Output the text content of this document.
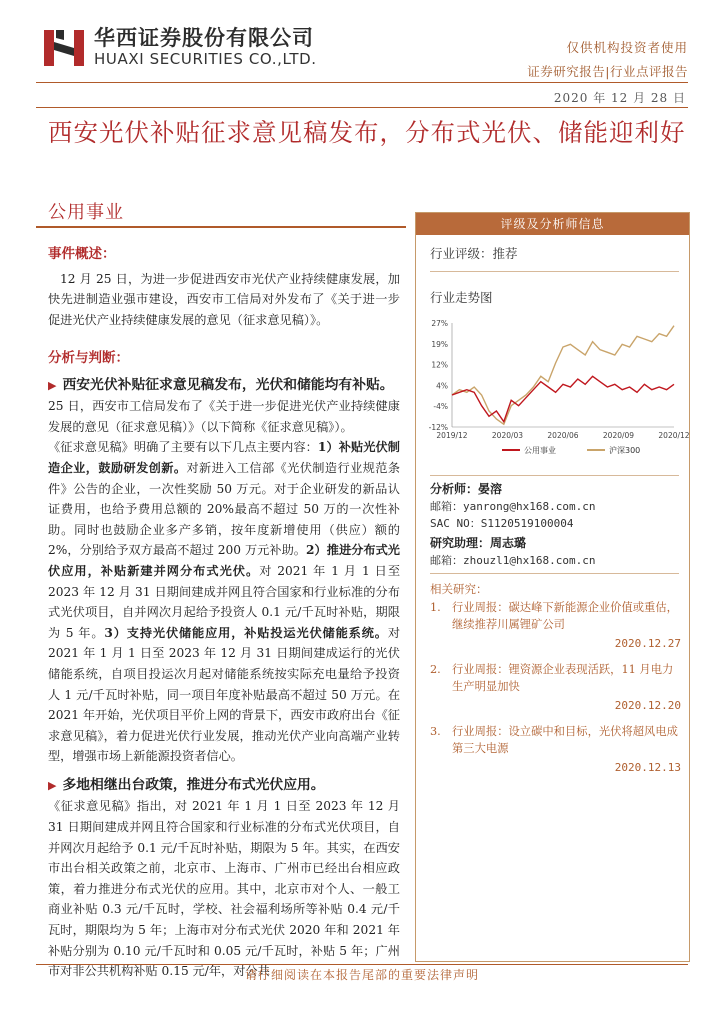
华西证券股份有限公司
HUAXI SECURITIES CO.,LTD.
仅供机构投资者使用
证券研究报告|行业点评报告
2020 年 12 月 28 日
西安光伏补贴征求意见稿发布，分布式光伏、储能迎利好
公用事业
事件概述：
12 月 25 日，为进一步促进西安市光伏产业持续健康发展，加快先进制造业强市建设，西安市工信局对外发布了《关于进一步促进光伏产业持续健康发展的意见（征求意见稿）》。
分析与判断：
▶ 西安光伏补贴征求意见稿发布，光伏和储能均有补贴。
25 日，西安市工信局发布了《关于进一步促进光伏产业持续健康发展的意见（征求意见稿）》（以下简称《征求意见稿》）。
《征求意见稿》明确了主要有以下几点主要内容：1）补贴光伏制造企业，鼓励研发创新。对新进入工信部《光伏制造行业规范条件》公告的企业，一次性奖励 50 万元。对于企业研发的新品认证费用，也给予费用总额的 20%最高不超过 50 万的一次性补助。同时也鼓励企业多产多销，按年度新增使用（供应）额的 2%，分别给予双方最高不超过 200 万元补助。2）推进分布式光伏应用，补贴新建并网分布式光伏。对 2021 年 1 月 1 日至 2023 年 12 月 31 日期间建成并网且符合国家和行业标准的分布式光伏项目，自并网次月起给予投资人 0.1 元/千瓦时补贴，期限为 5 年。3）支持光伏储能应用，补贴投运光伏储能系统。对 2021 年 1 月 1 日至 2023 年 12 月 31 日期间建成运行的光伏储能系统，自项目投运次月起对储能系统按实际充电量给予投资人 1 元/千瓦时补贴，同一项目年度补贴最高不超过 50 万元。在 2021 年开始，光伏项目平价上网的背景下，西安市政府出台《征求意见稿》，着力促进光伏行业发展，推动光伏产业向高端产业转型，增强市场上新能源投资者信心。
▶ 多地相继出台政策，推进分布式光伏应用。
《征求意见稿》指出，对 2021 年 1 月 1 日至 2023 年 12 月 31 日期间建成并网且符合国家和行业标准的分布式光伏项目，自并网次月起给予 0.1 元/千瓦时补贴，期限为 5 年。其实，在西安市出台相关政策之前，北京市、上海市、广州市已经出台相应政策，着力推进分布式光伏的应用。其中，北京市对个人、一般工商业补贴 0.3 元/千瓦时，学校、社会福利场所等补贴 0.4 元/千瓦时，期限均为 5 年；上海市对分布式光伏 2020 年和 2021 年补贴分别为 0.10 元/千瓦时和 0.05 元/千瓦时，补贴 5 年；广州市对非公共机构补贴 0.15 元/年，对公共
评级及分析师信息
行业评级：推荐
行业走势图
27%
19%
12%
4%
-4%
-12%
2019/12	2020/03	2020/06	2020/09	2020/12
公用事业	沪深300
分析师：晏溶
邮箱：yanrong@hx168.com.cn
SAC NO：S1120519100004
研究助理：周志璐
邮箱：zhouzl1@hx168.com.cn
相关研究：
1. 行业周报：碳达峰下新能源企业价值或重估，继续推荐川属锂矿公司
2020.12.27
2. 行业周报：锂资源企业表现活跃，11 月电力生产明显加快
2020.12.20
3. 行业周报：设立碳中和目标，光伏将超风电成第三大电源
2020.12.13
请仔细阅读在本报告尾部的重要法律声明
